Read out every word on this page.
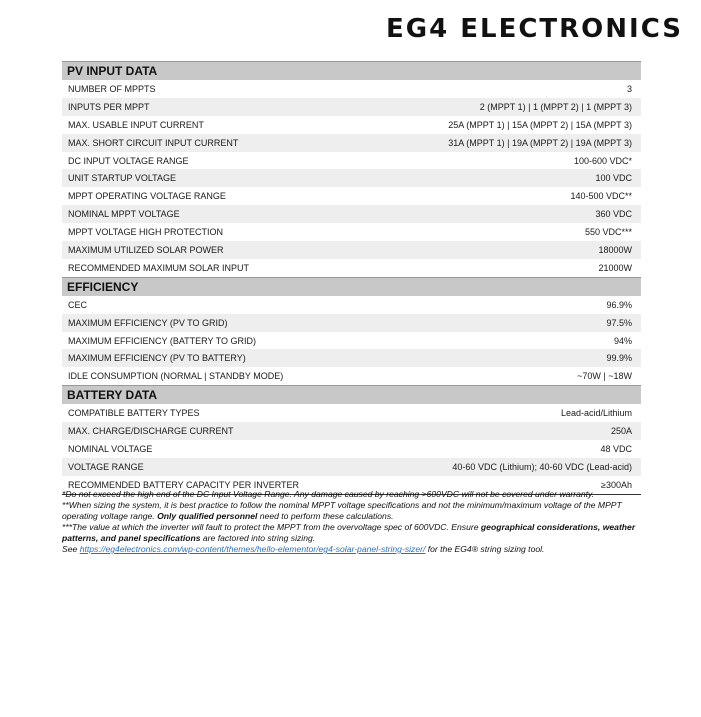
EG4 ELECTRONICS
PV INPUT DATA
NUMBER OF MPPTS	3
INPUTS PER MPPT	2 (MPPT 1) | 1 (MPPT 2) | 1 (MPPT 3)
MAX. USABLE INPUT CURRENT	25A (MPPT 1) | 15A (MPPT 2) | 15A (MPPT 3)
MAX. SHORT CIRCUIT INPUT CURRENT	31A (MPPT 1) | 19A (MPPT 2) | 19A (MPPT 3)
DC INPUT VOLTAGE RANGE	100-600 VDC*
UNIT STARTUP VOLTAGE	100 VDC
MPPT OPERATING VOLTAGE RANGE	140-500 VDC**
NOMINAL MPPT VOLTAGE	360 VDC
MPPT VOLTAGE HIGH PROTECTION	550 VDC***
MAXIMUM UTILIZED SOLAR POWER	18000W
RECOMMENDED MAXIMUM SOLAR INPUT	21000W
EFFICIENCY
CEC	96.9%
MAXIMUM EFFICIENCY (PV TO GRID)	97.5%
MAXIMUM EFFICIENCY (BATTERY TO GRID)	94%
MAXIMUM EFFICIENCY (PV TO BATTERY)	99.9%
IDLE CONSUMPTION (NORMAL | STANDBY MODE)	~70W | ~18W
BATTERY DATA
COMPATIBLE BATTERY TYPES	Lead-acid/Lithium
MAX. CHARGE/DISCHARGE CURRENT	250A
NOMINAL VOLTAGE	48 VDC
VOLTAGE RANGE	40-60 VDC (Lithium); 40-60 VDC (Lead-acid)
RECOMMENDED BATTERY CAPACITY PER INVERTER	≥300Ah

*Do not exceed the high end of the DC Input Voltage Range. Any damage caused by reaching >600VDC will not be covered under warranty.

**When sizing the system, it is best practice to follow the nominal MPPT voltage specifications and not the minimum/maximum voltage of the MPPT operating voltage range. Only qualified personnel need to perform these calculations.

***The value at which the inverter will fault to protect the MPPT from the overvoltage spec of 600VDC. Ensure geographical considerations, weather patterns, and panel specifications are factored into string sizing.

See https://eg4electronics.com/wp-content/themes/hello-elementor/eg4-solar-panel-string-sizer/ for the EG4® string sizing tool.
